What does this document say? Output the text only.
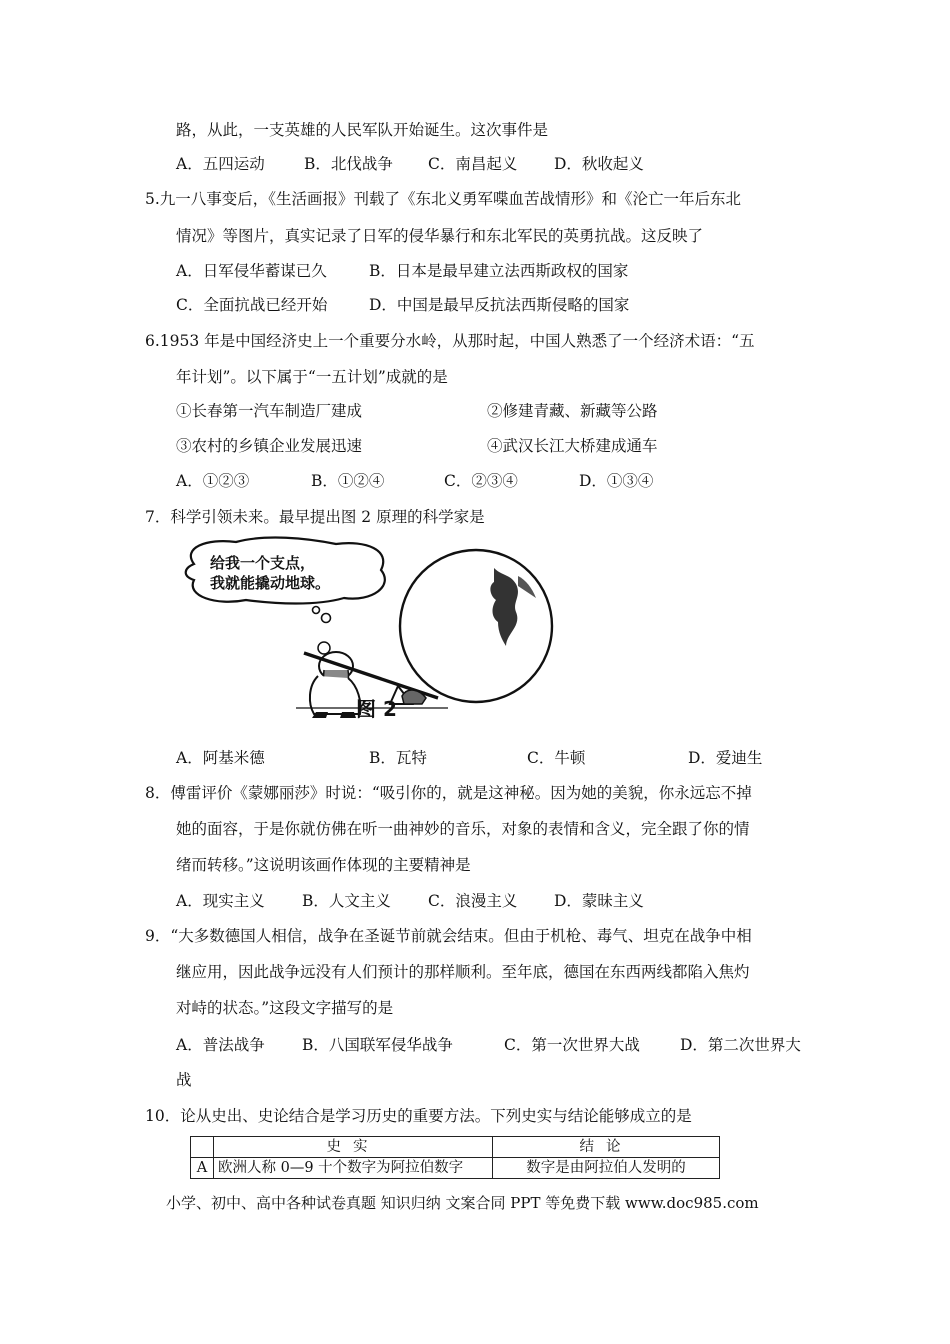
路，从此，一支英雄的人民军队开始诞生。这次事件是
A．五四运动	B．北伐战争 C．南昌起义 D．秋收起义
5.九一八事变后，《生活画报》刊载了《东北义勇军喋血苦战情形》和《沦亡一年后东北
情况》等图片，真实记录了日军的侵华暴行和东北军民的英勇抗战。这反映了
A．日军侵华蓄谋已久	B．日本是最早建立法西斯政权的国家
C．全面抗战已经开始	D．中国是最早反抗法西斯侵略的国家
6.1953 年是中国经济史上一个重要分水岭，从那时起，中国人熟悉了一个经济术语：“五
年计划”。以下属于“一五计划”成就的是
①长春第一汽车制造厂建成	②修建青藏、新藏等公路
③农村的乡镇企业发展迅速	④武汉长江大桥建成通车
A．①②③	B．①②④	C．②③④	D．①③④
7．科学引领未来。最早提出图 2 原理的科学家是
给我一个支点，
我就能撬动地球。
图 2
A．阿基米德	B．瓦特	C．牛顿	D．爱迪生
8．傅雷评价《蒙娜丽莎》时说：“吸引你的，就是这神秘。因为她的美貌，你永远忘不掉
她的面容，于是你就仿佛在听一曲神妙的音乐，对象的表情和含义，完全跟了你的情
绪而转移。”这说明该画作体现的主要精神是
A．现实主义 B．人文主义 C．浪漫主义 D．蒙昧主义
9．“大多数德国人相信，战争在圣诞节前就会结束。但由于机枪、毒气、坦克在战争中相
继应用，因此战争远没有人们预计的那样顺利。至年底，德国在东西两线都陷入焦灼
对峙的状态。”这段文字描写的是
A．普法战争 B．八国联军侵华战争	C．第一次世界大战	D．第二次世界大
战
10．论从史出、史论结合是学习历史的重要方法。下列史实与结论能够成立的是
	史实	结论
A	欧洲人称 0—9 十个数字为阿拉伯数字	数字是由阿拉伯人发明的
小学、初中、高中各种试卷真题 知识归纳 文案合同 PPT 等免费下载 www.doc985.com
